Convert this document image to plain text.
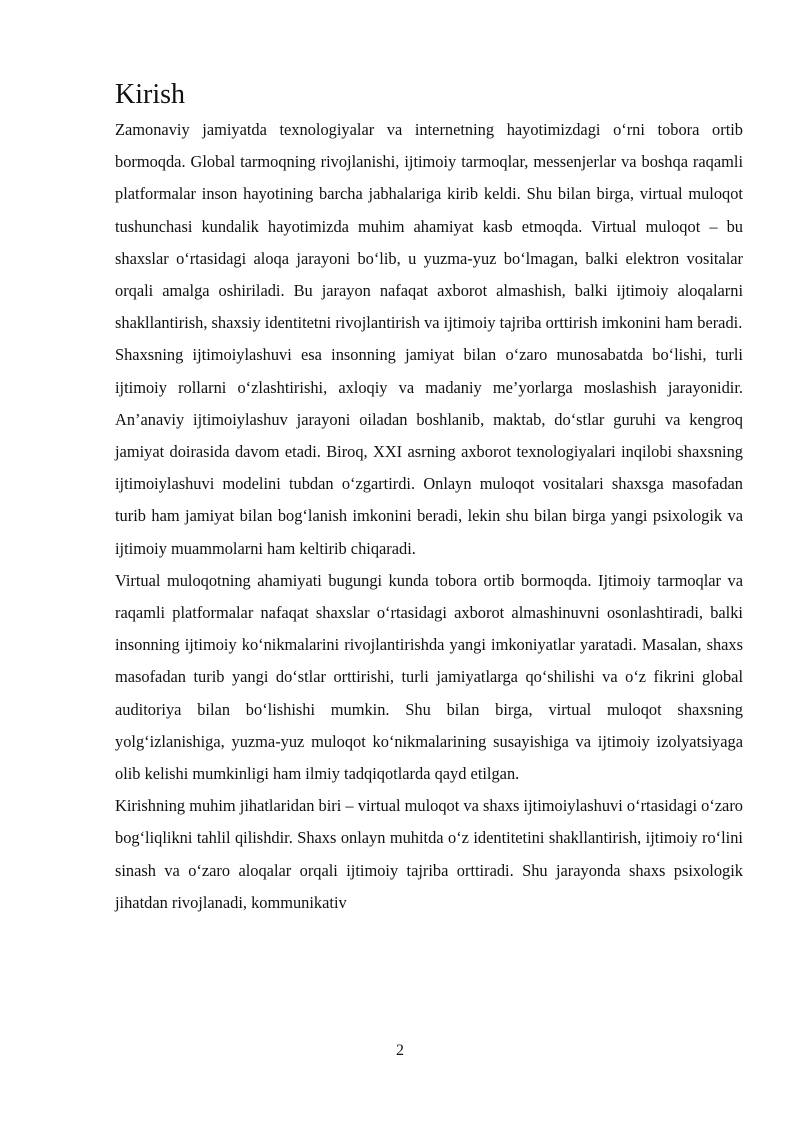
Kirish

Zamonaviy jamiyatda texnologiyalar va internetning hayotimizdagi o‘rni tobora ortib bormoqda. Global tarmoqning rivojlanishi, ijtimoiy tarmoqlar, messenjerlar va boshqa raqamli platformalar inson hayotining barcha jabhalariga kirib keldi. Shu bilan birga, virtual muloqot tushunchasi kundalik hayotimizda muhim ahamiyat kasb etmoqda. Virtual muloqot – bu shaxslar o‘rtasidagi aloqa jarayoni bo‘lib, u yuzma-yuz bo‘lmagan, balki elektron vositalar orqali amalga oshiriladi. Bu jarayon nafaqat axborot almashish, balki ijtimoiy aloqalarni shakllantirish, shaxsiy identitetni rivojlantirish va ijtimoiy tajriba orttirish imkonini ham beradi.

Shaxsning ijtimoiylashuvi esa insonning jamiyat bilan o‘zaro munosabatda bo‘lishi, turli ijtimoiy rollarni o‘zlashtirishi, axloqiy va madaniy me’yorlarga moslashish jarayonidir. An’anaviy ijtimoiylashuv jarayoni oiladan boshlanib, maktab, do‘stlar guruhi va kengroq jamiyat doirasida davom etadi. Biroq, XXI asrning axborot texnologiyalari inqilobi shaxsning ijtimoiylashuvi modelini tubdan o‘zgartirdi. Onlayn muloqot vositalari shaxsga masofadan turib ham jamiyat bilan bog‘lanish imkonini beradi, lekin shu bilan birga yangi psixologik va ijtimoiy muammolarni ham keltirib chiqaradi.

Virtual muloqotning ahamiyati bugungi kunda tobora ortib bormoqda. Ijtimoiy tarmoqlar va raqamli platformalar nafaqat shaxslar o‘rtasidagi axborot almashinuvni osonlashtiradi, balki insonning ijtimoiy ko‘nikmalarini rivojlantirishda yangi imkoniyatlar yaratadi. Masalan, shaxs masofadan turib yangi do‘stlar orttirishi, turli jamiyatlarga qo‘shilishi va o‘z fikrini global auditoriya bilan bo‘lishishi mumkin. Shu bilan birga, virtual muloqot shaxsning yolg‘izlanishiga, yuzma-yuz muloqot ko‘nikmalarining susayishiga va ijtimoiy izolyatsiyaga olib kelishi mumkinligi ham ilmiy tadqiqotlarda qayd etilgan.

Kirishning muhim jihatlaridan biri – virtual muloqot va shaxs ijtimoiylashuvi o‘rtasidagi o‘zaro bog‘liqlikni tahlil qilishdir. Shaxs onlayn muhitda o‘z identitetini shakllantirish, ijtimoiy ro‘lini sinash va o‘zaro aloqalar orqali ijtimoiy tajriba orttiradi. Shu jarayonda shaxs psixologik jihatdan rivojlanadi, kommunikativ

2
